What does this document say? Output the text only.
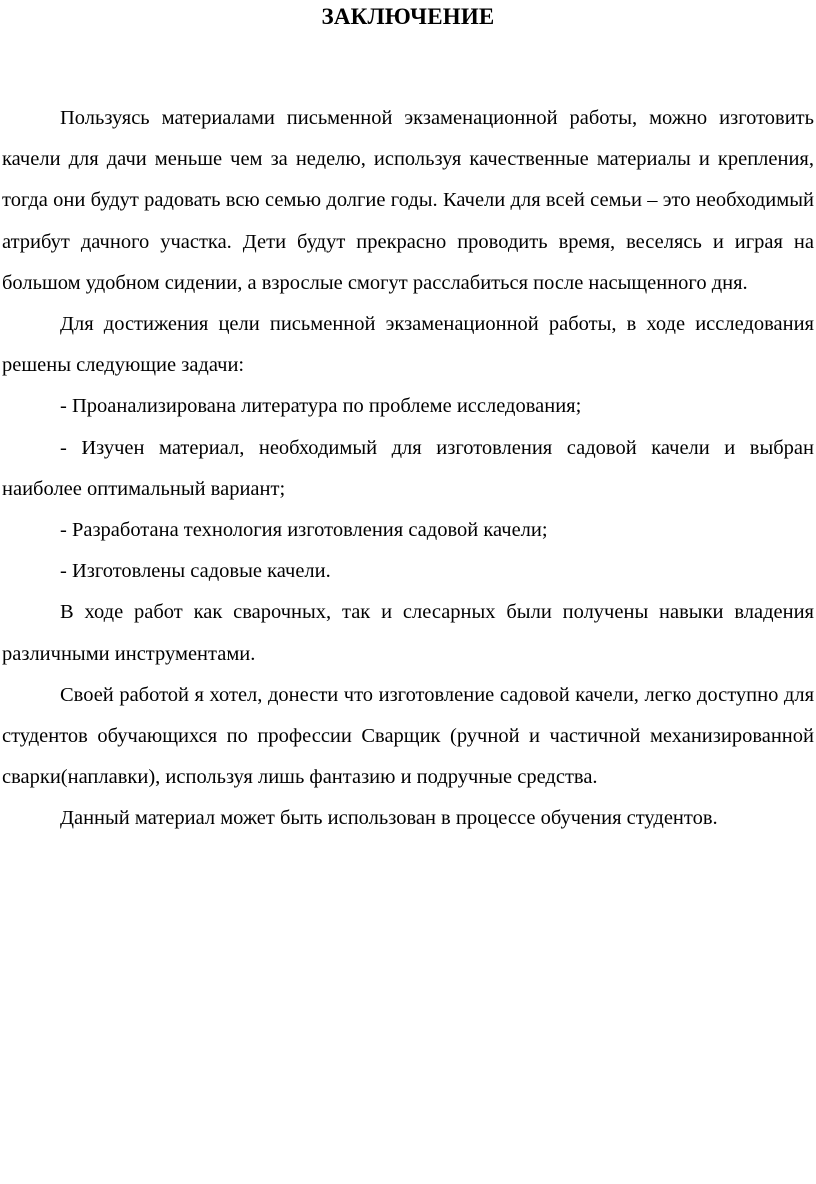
ЗАКЛЮЧЕНИЕ

Пользуясь материалами письменной экзаменационной работы, можно изготовить качели для дачи меньше чем за неделю, используя качественные материалы и крепления, тогда они будут радовать всю семью долгие годы. Качели для всей семьи – это необходимый атрибут дачного участка. Дети будут прекрасно проводить время, веселясь и играя на большом удобном сидении, а взрослые смогут расслабиться после насыщенного дня.

Для достижения цели письменной экзаменационной работы, в ходе исследования решены следующие задачи:

- Проанализирована литература по проблеме исследования;

- Изучен материал, необходимый для изготовления садовой качели и выбран наиболее оптимальный вариант;

- Разработана технология изготовления садовой качели;

- Изготовлены садовые качели.

В ходе работ как сварочных, так и слесарных были получены навыки владения различными инструментами.

Своей работой я хотел, донести что изготовление садовой качели, легко доступно для студентов обучающихся по профессии Сварщик (ручной и частичной механизированной сварки(наплавки), используя лишь фантазию и подручные средства.

Данный материал может быть использован в процессе обучения студентов.
